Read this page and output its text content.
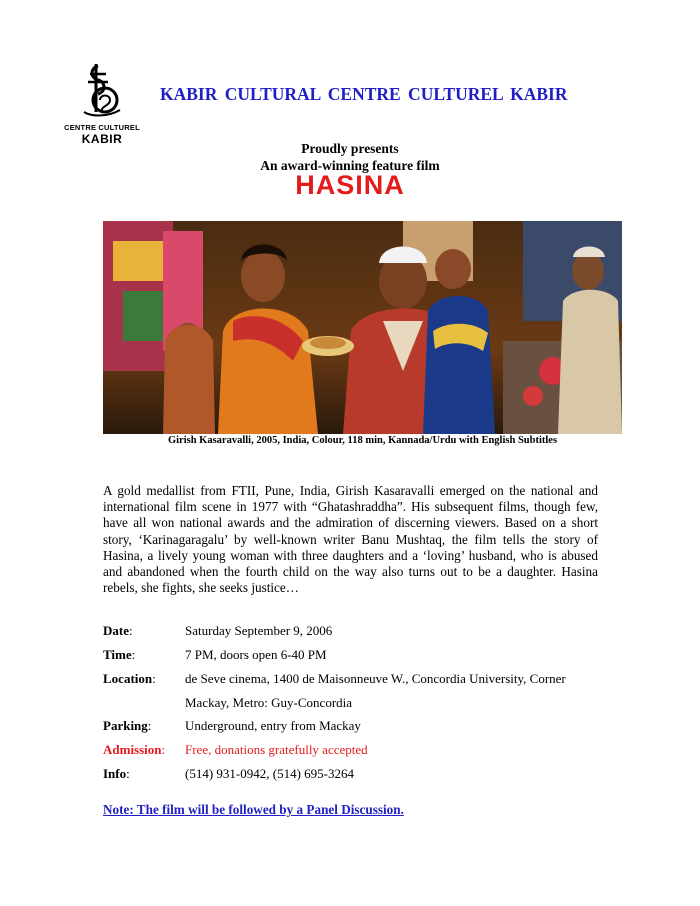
CENTRE CULTUREL
KABIR
KABIR CULTURAL CENTRE CULTUREL KABIR
Proudly presents
An award-winning feature film
HASINA
Girish Kasaravalli, 2005, India, Colour, 118 min, Kannada/Urdu with English Subtitles
A gold medallist from FTII, Pune, India, Girish Kasaravalli emerged on the national and international film scene in 1977 with “Ghatashraddha”. His subsequent films, though few, have all won national awards and the admiration of discerning viewers. Based on a short story, ‘Karinagaragalu’ by well-known writer Banu Mushtaq, the film tells the story of Hasina, a lively young woman with three daughters and a ‘loving’ husband, who is abused and abandoned when the fourth child on the way also turns out to be a daughter. Hasina rebels, she fights, she seeks justice…
Date:	Saturday September 9, 2006
Time:	7 PM, doors open 6-40 PM
Location: de Seve cinema, 1400 de Maisonneuve W., Concordia University, Corner Mackay, Metro: Guy-Concordia
Parking:	Underground, entry from Mackay
Admission: Free, donations gratefully accepted
Info:	(514) 931-0942, (514) 695-3264
Note: The film will be followed by a Panel Discussion.
